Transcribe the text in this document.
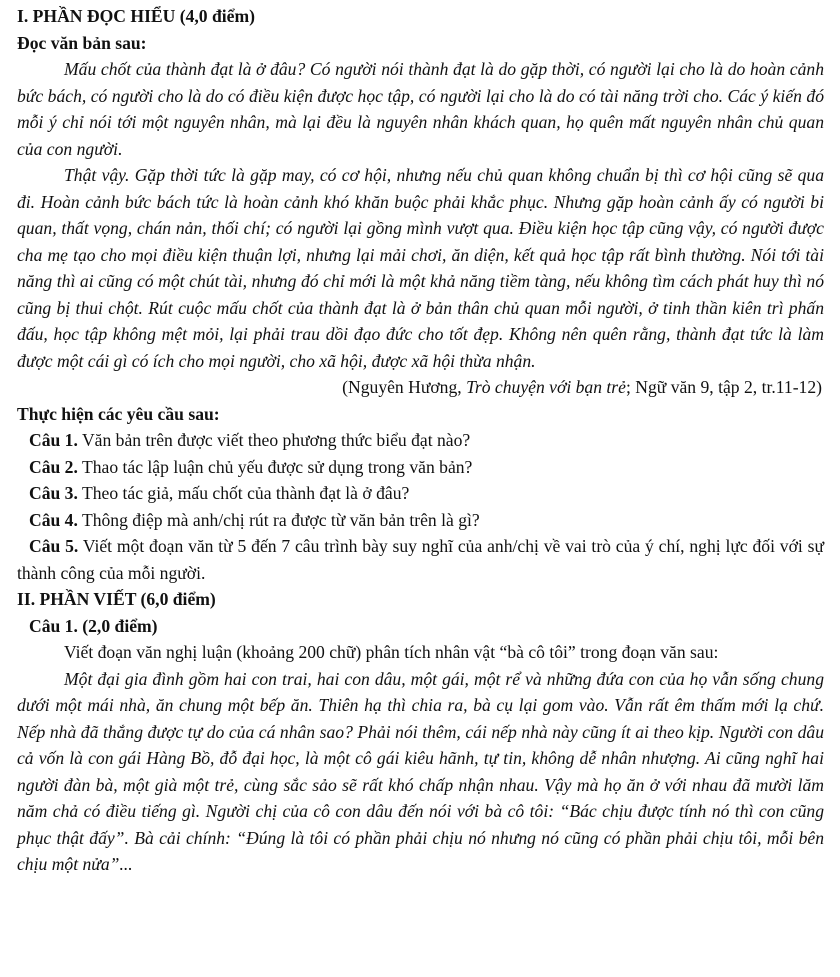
I. PHẦN ĐỌC HIỂU (4,0 điểm)

Đọc văn bản sau:

Mấu chốt của thành đạt là ở đâu? Có người nói thành đạt là do gặp thời, có người lại cho là do hoàn cảnh bức bách, có người cho là do có điều kiện được học tập, có người lại cho là do có tài năng trời cho. Các ý kiến đó mỗi ý chỉ nói tới một nguyên nhân, mà lại đều là nguyên nhân khách quan, họ quên mất nguyên nhân chủ quan của con người.

Thật vậy. Gặp thời tức là gặp may, có cơ hội, nhưng nếu chủ quan không chuẩn bị thì cơ hội cũng sẽ qua đi. Hoàn cảnh bức bách tức là hoàn cảnh khó khăn buộc phải khắc phục. Nhưng gặp hoàn cảnh ấy có người bi quan, thất vọng, chán nản, thối chí; có người lại gồng mình vượt qua. Điều kiện học tập cũng vậy, có người được cha mẹ tạo cho mọi điều kiện thuận lợi, nhưng lại mải chơi, ăn diện, kết quả học tập rất bình thường. Nói tới tài năng thì ai cũng có một chút tài, nhưng đó chỉ mới là một khả năng tiềm tàng, nếu không tìm cách phát huy thì nó cũng bị thui chột. Rút cuộc mấu chốt của thành đạt là ở bản thân chủ quan mỗi người, ở tinh thần kiên trì phấn đấu, học tập không mệt mỏi, lại phải trau dồi đạo đức cho tốt đẹp. Không nên quên rằng, thành đạt tức là làm được một cái gì có ích cho mọi người, cho xã hội, được xã hội thừa nhận.

(Nguyên Hương, Trò chuyện với bạn trẻ; Ngữ văn 9, tập 2, tr.11-12)

Thực hiện các yêu cầu sau:

Câu 1. Văn bản trên được viết theo phương thức biểu đạt nào?

Câu 2. Thao tác lập luận chủ yếu được sử dụng trong văn bản?

Câu 3. Theo tác giả, mấu chốt của thành đạt là ở đâu?

Câu 4. Thông điệp mà anh/chị rút ra được từ văn bản trên là gì?

Câu 5. Viết một đoạn văn từ 5 đến 7 câu trình bày suy nghĩ của anh/chị về vai trò của ý chí, nghị lực đối với sự thành công của mỗi người.

II. PHẦN VIẾT (6,0 điểm)

Câu 1. (2,0 điểm)

Viết đoạn văn nghị luận (khoảng 200 chữ) phân tích nhân vật “bà cô tôi” trong đoạn văn sau:

Một đại gia đình gồm hai con trai, hai con dâu, một gái, một rể và những đứa con của họ vẫn sống chung dưới một mái nhà, ăn chung một bếp ăn. Thiên hạ thì chia ra, bà cụ lại gom vào. Vẫn rất êm thấm mới lạ chứ. Nếp nhà đã thắng được tự do của cá nhân sao? Phải nói thêm, cái nếp nhà này cũng ít ai theo kịp. Người con dâu cả vốn là con gái Hàng Bồ, đỗ đại học, là một cô gái kiêu hãnh, tự tin, không dễ nhân nhượng. Ai cũng nghĩ hai người đàn bà, một già một trẻ, cùng sắc sảo sẽ rất khó chấp nhận nhau. Vậy mà họ ăn ở với nhau đã mười lăm năm chả có điều tiếng gì. Người chị của cô con dâu đến nói với bà cô tôi: “Bác chịu được tính nó thì con cũng phục thật đấy”. Bà cải chính: “Đúng là tôi có phần phải chịu nó nhưng nó cũng có phần phải chịu tôi, mỗi bên chịu một nửa”...
